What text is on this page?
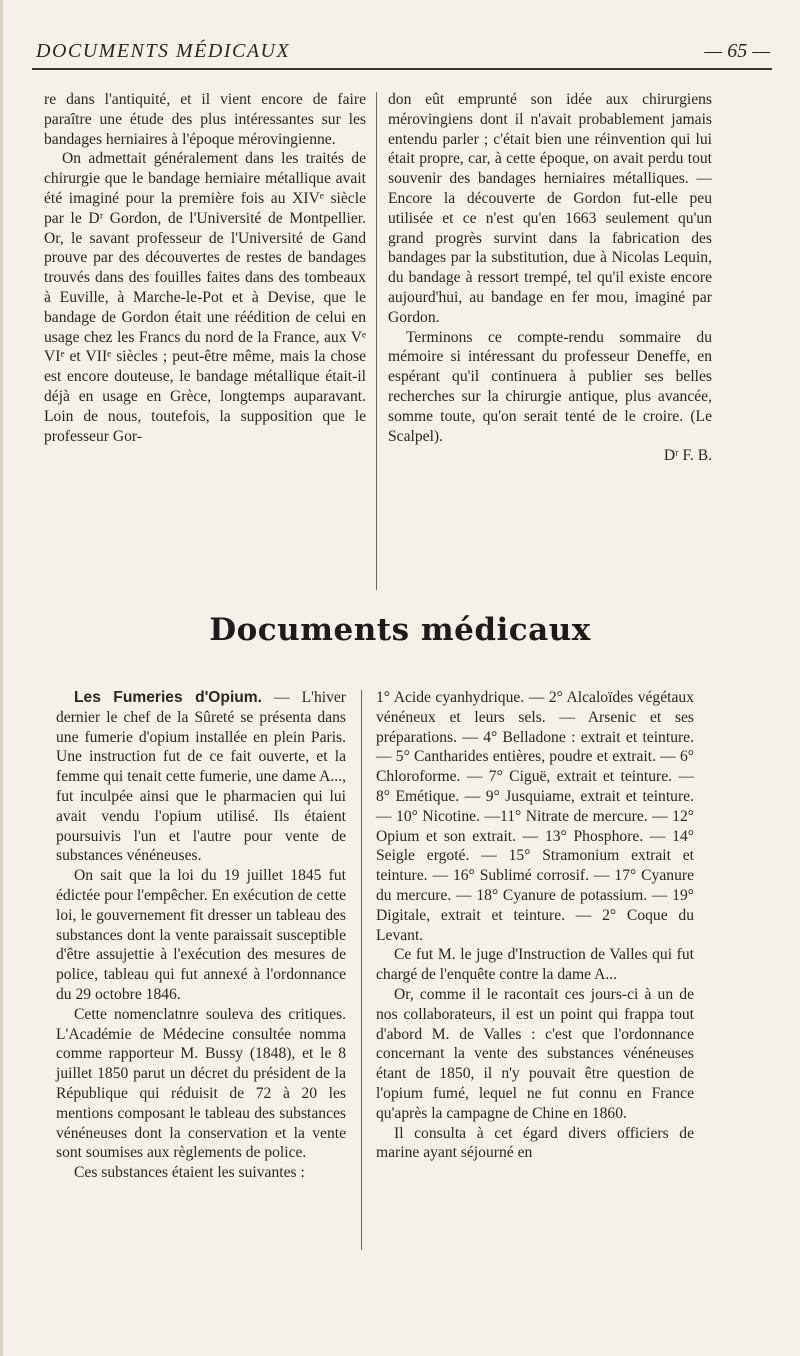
DOCUMENTS MÉDICAUX	— 65 —

re dans l'antiquité, et il vient encore de faire paraître une étude des plus intéressantes sur les bandages herniaires à l'époque mérovingienne.

On admettait généralement dans les traités de chirurgie que le bandage herniaire métallique avait été imaginé pour la première fois au XIVᵉ siècle par le Dʳ Gordon, de l'Université de Montpellier. Or, le savant professeur de l'Université de Gand prouve par des découvertes de restes de bandages trouvés dans des fouilles faites dans des tombeaux à Euville, à Marche-le-Pot et à Devise, que le bandage de Gordon était une réédition de celui en usage chez les Francs du nord de la France, aux Vᵉ VIᵉ et VIIᵉ siècles ; peut-être même, mais la chose est encore douteuse, le bandage métallique était-il déjà en usage en Grèce, longtemps auparavant. Loin de nous, toutefois, la supposition que le professeur Gor-

don eût emprunté son idée aux chirurgiens mérovingiens dont il n'avait probablement jamais entendu parler ; c'était bien une réinvention qui lui était propre, car, à cette époque, on avait perdu tout souvenir des bandages herniaires métalliques. — Encore la découverte de Gordon fut-elle peu utilisée et ce n'est qu'en 1663 seulement qu'un grand progrès survint dans la fabrication des bandages par la substitution, due à Nicolas Lequin, du bandage à ressort trempé, tel qu'il existe encore aujourd'hui, au bandage en fer mou, imaginé par Gordon.

Terminons ce compte-rendu sommaire du mémoire si intéressant du professeur Deneffe, en espérant qu'il continuera à publier ses belles recherches sur la chirurgie antique, plus avancée, somme toute, qu'on serait tenté de le croire. (Le Scalpel).

Dʳ F. B.

Documents médicaux

Les Fumeries d'Opium. — L'hiver dernier le chef de la Sûreté se présenta dans une fumerie d'opium installée en plein Paris. Une instruction fut de ce fait ouverte, et la femme qui tenait cette fumerie, une dame A..., fut inculpée ainsi que le pharmacien qui lui avait vendu l'opium utilisé. Ils étaient poursuivis l'un et l'autre pour vente de substances vénéneuses.

On sait que la loi du 19 juillet 1845 fut édictée pour l'empêcher. En exécution de cette loi, le gouvernement fit dresser un tableau des substances dont la vente paraissait susceptible d'être assujettie à l'exécution des mesures de police, tableau qui fut annexé à l'ordonnance du 29 octobre 1846.

Cette nomenclatnre souleva des critiques. L'Académie de Médecine consultée nomma comme rapporteur M. Bussy (1848), et le 8 juillet 1850 parut un décret du président de la République qui réduisit de 72 à 20 les mentions composant le tableau des substances vénéneuses dont la conservation et la vente sont soumises aux règlements de police.

Ces substances étaient les suivantes :

1° Acide cyanhydrique. — 2° Alcaloïdes végétaux vénéneux et leurs sels. — Arsenic et ses préparations. — 4° Belladone : extrait et teinture. — 5° Cantharides entières, poudre et extrait. — 6° Chloroforme. — 7° Ciguë, extrait et teinture. — 8° Emétique. — 9° Jusquiame, extrait et teinture. — 10° Nicotine. —11° Nitrate de mercure. — 12° Opium et son extrait. — 13° Phosphore. — 14° Seigle ergoté. — 15° Stramonium extrait et teinture. — 16° Sublimé corrosif. — 17° Cyanure du mercure. — 18° Cyanure de potassium. — 19° Digitale, extrait et teinture. — 2° Coque du Levant.

Ce fut M. le juge d'Instruction de Valles qui fut chargé de l'enquête contre la dame A...

Or, comme il le racontait ces jours-ci à un de nos collaborateurs, il est un point qui frappa tout d'abord M. de Valles : c'est que l'ordonnance concernant la vente des substances vénéneuses étant de 1850, il n'y pouvait être question de l'opium fumé, lequel ne fut connu en France qu'après la campagne de Chine en 1860.

Il consulta à cet égard divers officiers de marine ayant séjourné en
